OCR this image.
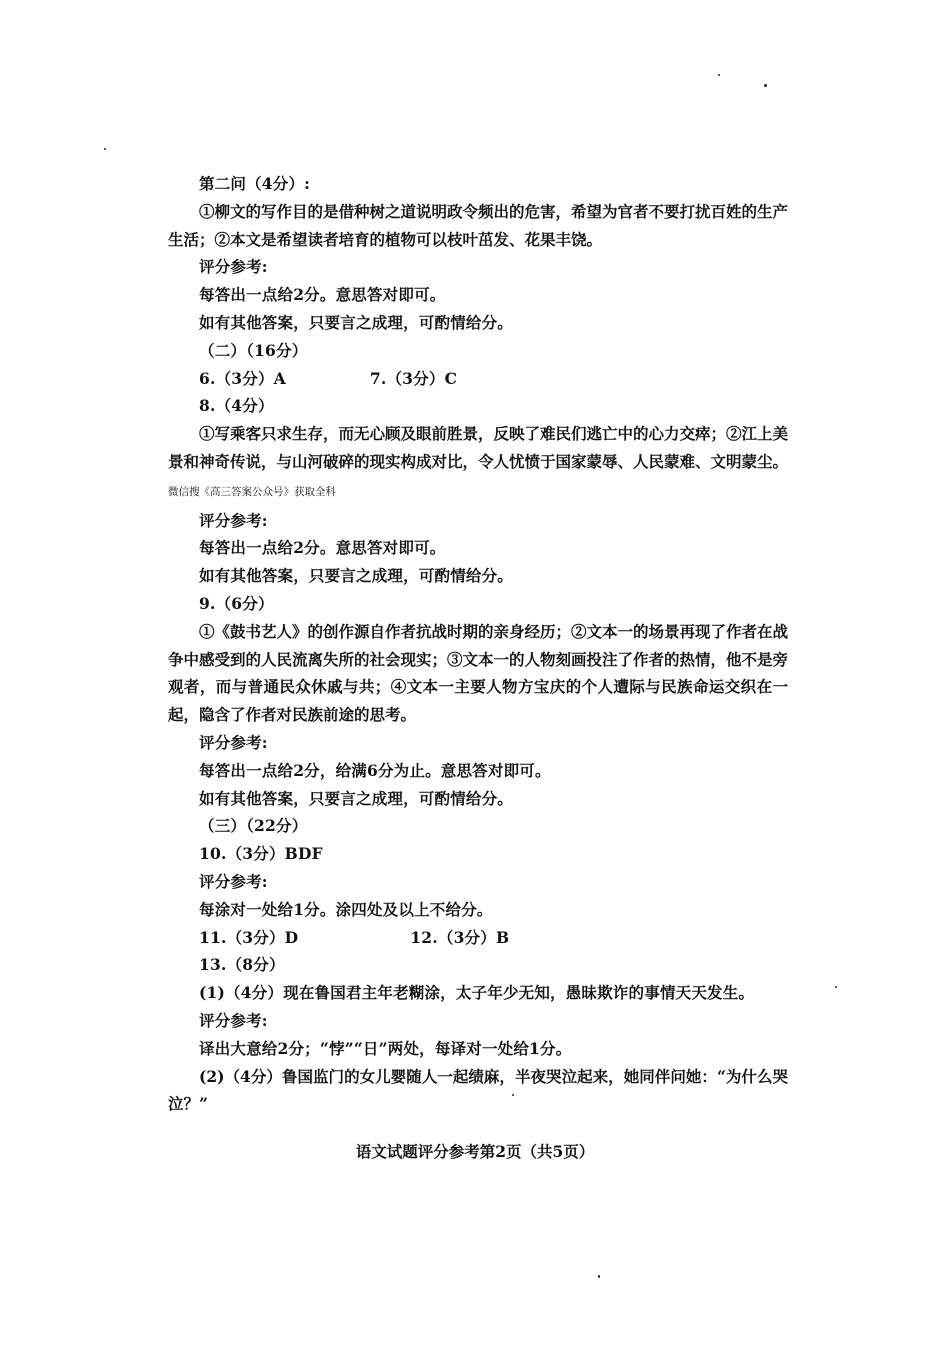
第二问（4分）:
①柳文的写作目的是借种树之道说明政令频出的危害，希望为官者不要打扰百姓的生产生活；②本文是希望读者培育的植物可以枝叶茁发、花果丰饶。
评分参考:
每答出一点给2分。意思答对即可。
如有其他答案，只要言之成理，可酌情给分。
（二）（16分）
6.（3分）A	7.（3分）C
8.（4分）
①写乘客只求生存，而无心顾及眼前胜景，反映了难民们逃亡中的心力交瘁；②江上美景和神奇传说，与山河破碎的现实构成对比，令人忧愤于国家蒙辱、人民蒙难、文明蒙尘。微信搜《高三答案公众号》获取全科
评分参考:
每答出一点给2分。意思答对即可。
如有其他答案，只要言之成理，可酌情给分。
9.（6分）
①《鼓书艺人》的创作源自作者抗战时期的亲身经历；②文本一的场景再现了作者在战争中感受到的人民流离失所的社会现实；③文本一的人物刻画投注了作者的热情，他不是旁观者，而与普通民众休戚与共；④文本一主要人物方宝庆的个人遭际与民族命运交织在一起，隐含了作者对民族前途的思考。
评分参考:
每答出一点给2分，给满6分为止。意思答对即可。
如有其他答案，只要言之成理，可酌情给分。
（三）（22分）
10.（3分）BDF
评分参考:
每涂对一处给1分。涂四处及以上不给分。
11.（3分）D	12.（3分）B
13.（8分）
(1)（4分）现在鲁国君主年老糊涂，太子年少无知，愚昧欺诈的事情天天发生。
评分参考:
译出大意给2分；“悖”“日”两处，每译对一处给1分。
(2)（4分）鲁国监门的女儿婴随人一起绩麻，半夜哭泣起来，她同伴问她：“为什么哭泣？”
语文试题评分参考第2页（共5页）
